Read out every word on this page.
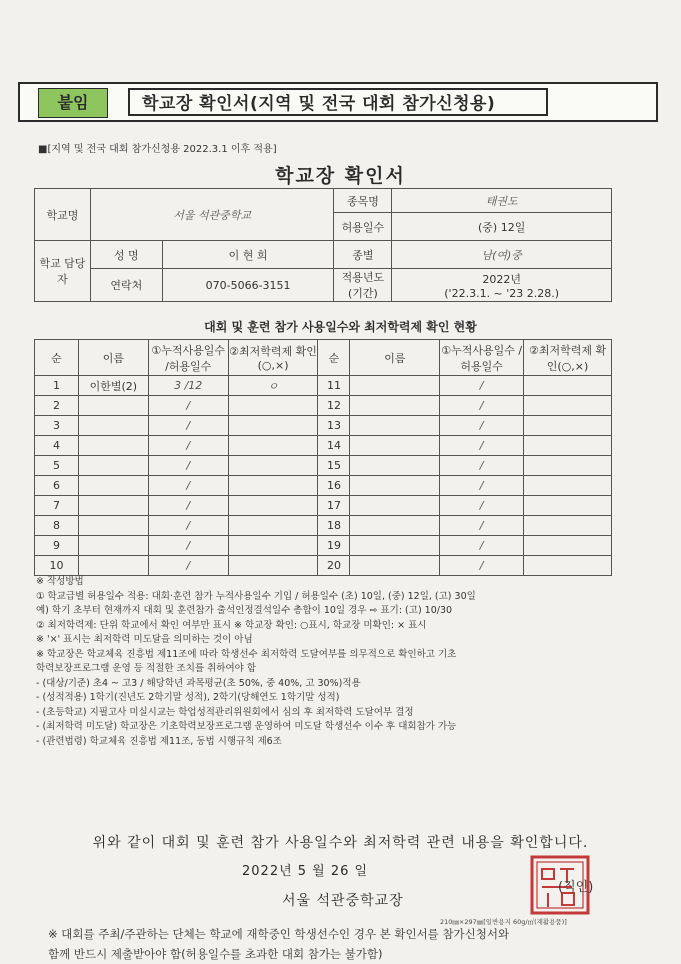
붙임	학교장 확인서(지역 및 전국 대회 참가신청용)
■[지역 및 전국 대회 참가신청용 2022.3.1 이후 적용]
학교장 확인서
학교명	서울 석관중학교		종목명	태권도
			허용일수	(중) 12일
학교 담당자	성 명	이 현 희	종별	남(여)중
	연락처	070-5066-3151	적용년도 (기간)	2022년
('22.3.1. ~ '23 2.28.)
대회 및 훈련 참가 사용일수와 최저학력제 확인 현황
순	이름	①누적사용일수 /허용일수	②최저학력제 확인(○,×)	순	이름	①누적사용일수 /허용일수	②최저학력제 확인(○,×)
1	이한별(2)	3 /12	ㅇ	11		/	
2		/		12		/	
3		/		13		/	
4		/		14		/	
5		/		15		/	
6		/		16		/	
7		/		17		/	
8		/		18		/	
9		/		19		/	
10		/		20		/	
※ 작성방법
① 학교급별 허용일수 적용: 대회·훈련 참가 누적사용일수 기입 / 허용일수 (초) 10일, (중) 12일, (고) 30일
예) 학기 초부터 현재까지 대회 및 훈련참가 출석인정결석일수 총합이 10일 경우 ⇨ 표기: (고) 10/30
② 최저학력제: 단위 학교에서 확인 여부만 표시 ※ 학교장 확인: ○표시, 학교장 미확인: × 표시
※ '×' 표시는 최저학력 미도달을 의미하는 것이 아님
※ 학교장은 학교체육 진흥법 제11조에 따라 학생선수 최저학력 도달여부를 의무적으로 확인하고 기초
학력보장프로그램 운영 등 적절한 조치를 취하여야 함
- (대상/기준) 초4 ~ 고3 / 해당학년 과목평균(초 50%, 중 40%, 고 30%)적용
- (성적적용) 1학기(진년도 2학기말 성적), 2학기(당해연도 1학기말 성적)
- (초등학교) 지필고사 미실시교는 학업성적관리위원회에서 심의 후 최저학력 도달여부 결정
- (최저학력 미도달) 학교장은 기초학력보장프로그램 운영하여 미도달 학생선수 이수 후 대회참가 가능
- (관련법령) 학교체육 진흥법 제11조, 동법 시행규칙 제6조
위와 같이 대회 및 훈련 참가 사용일수와 최저학력 관련 내용을 확인합니다.
2022년 5 월 26 일
서울 석관중학교장
(직인)
210㎜×297㎜[일반용지 60g/㎡(재활용품)]
※ 대회를 주최/주관하는 단체는 학교에 재학중인 학생선수인 경우 본 확인서를 참가신청서와
함께 반드시 제출받아야 함(허용일수를 초과한 대회 참가는 불가함)
